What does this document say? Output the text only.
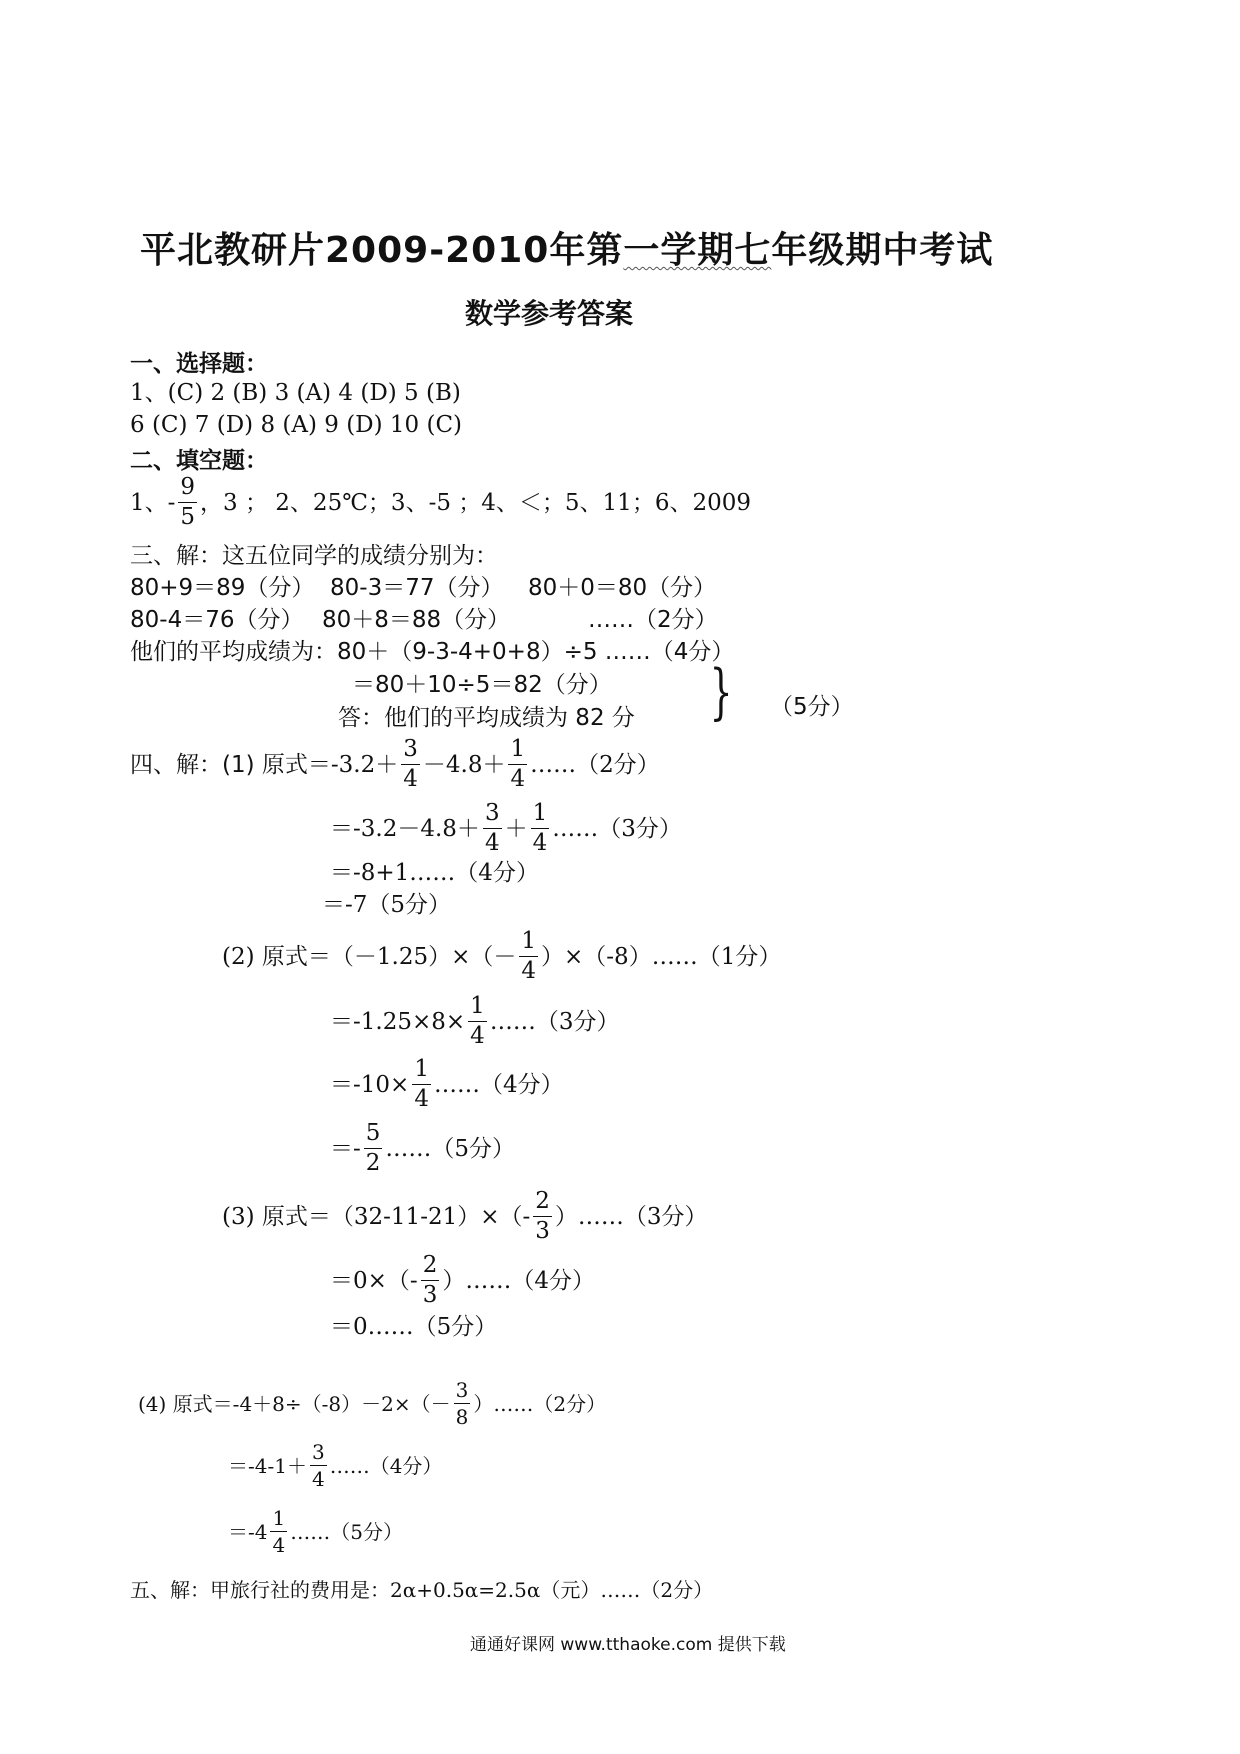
平北教研片2009-2010年第一学期七年级期中考试
数学参考答案
一、选择题：
1、(C) 2 (B) 3 (A) 4 (D) 5 (B)
6 (C) 7 (D) 8 (A) 9 (D) 10 (C)
二、填空题：
1、- $\frac{9}{5}$ ，3 ； 2、25℃；3、-5 ；4、＜；5、11；6、2009
三、解：这五位同学的成绩分别为：
80+9＝89（分） 80-3＝77（分） 80＋0＝80（分）
80-4＝76（分） 80＋8＝88（分）	……（2分）
他们的平均成绩为：80＋（9-3-4+0+8）÷5 ……（4分）
＝80＋10÷5＝82（分）
答：他们的平均成绩为 82 分 } （5分）
四、解：(1) 原式＝ $-3.2+ \frac{3}{4} -4.8+ \frac{1}{4}$ ……（2分）
$=-3.2-4.8+ \frac{3}{4} + \frac{1}{4}$ ……（3分）
＝-8+1……（4分）
＝-7（5分）
(2) 原式$=(-1.25)\times(- \frac{1}{4}$ ）×（-8）……（1分）
$=-1.25\times 8\times \frac{1}{4}$ ……（3分）
$=-10\times \frac{1}{4}$ ……（4分）
＝- $\frac{5}{2}$ ……（5分）
(3) 原式$=(32-11-21)\times(- \frac{2}{3}$ ）……（3分）
$=0\times(- \frac{2}{3}$ ）……（4分）
＝0……（5分）
(4) 原式$=-4+8\div(-8)-2\times(- \frac{3}{8}$ ）……（2分）
$=-4-1+ \frac{3}{4}$ ……（4分）
$=-4 \frac{1}{4}$ ……（5分）
五、解：甲旅行社的费用是：2α+0.5α=2.5α（元）……（2分）
通通好课网 www.tthaoke.com 提供下载
